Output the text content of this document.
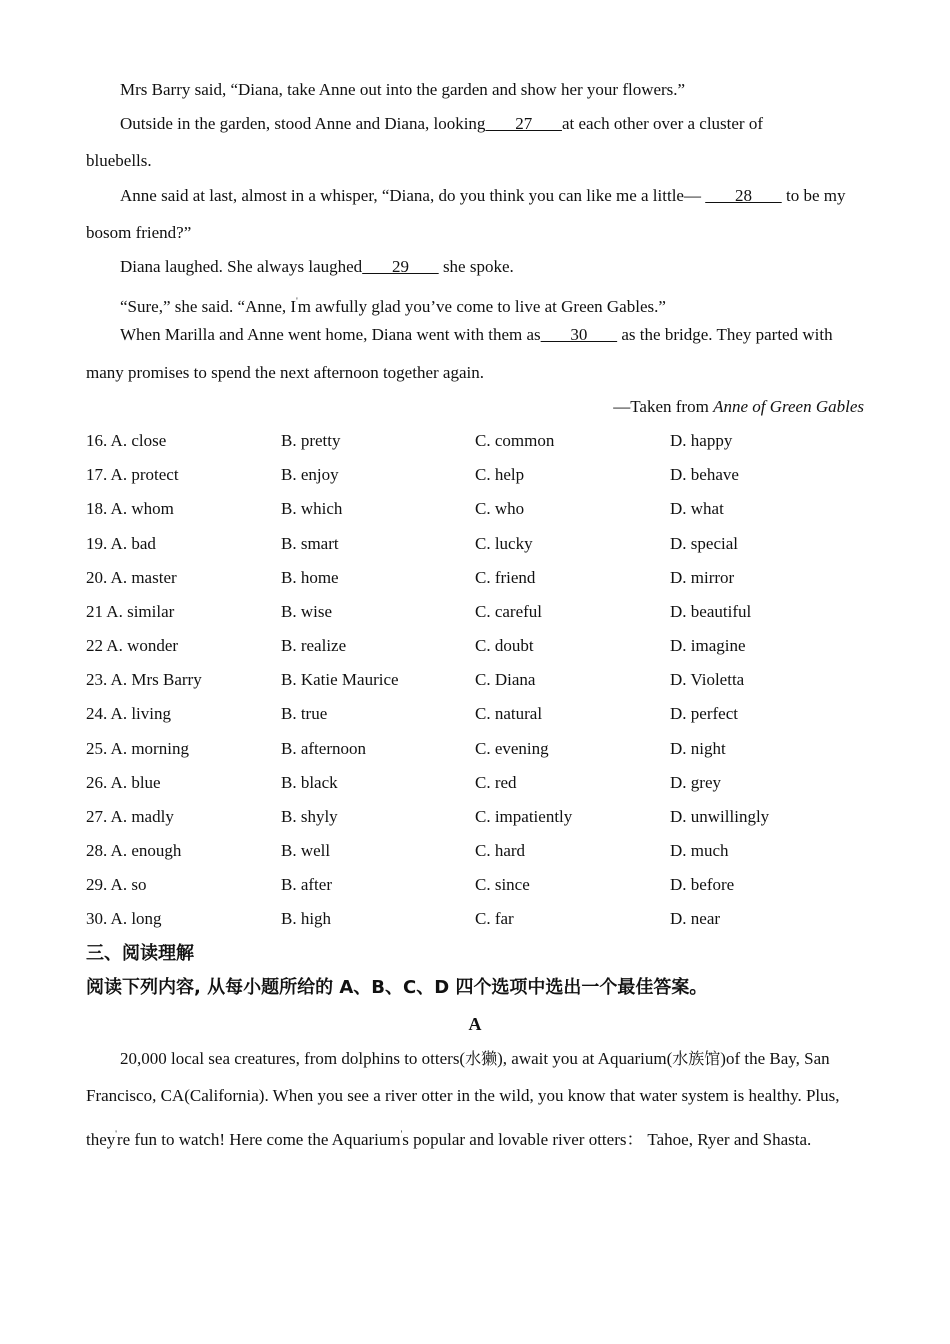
Mrs Barry said, “Diana, take Anne out into the garden and show her your flowers.”
Outside in the garden, stood Anne and Diana, looking       27       at each other over a cluster of
bluebells.
Anne said at last, almost in a whisper, “Diana, do you think you can like me a little—        28        to be my
bosom friend?”
Diana laughed. She always laughed       29        she spoke.
“Sure,” she said. “Anne, I'm awfully glad you’ve come to live at Green Gables.”
When Marilla and Anne went home, Diana went with them as       30        as the bridge. They parted with
many promises to spend the next afternoon together again.
—Taken from Anne of Green Gables
16. A. close	B. pretty	C. common	D. happy
17. A. protect	B. enjoy	C. help	D. behave
18. A. whom	B. which	C. who	D. what
19. A. bad	B. smart	C. lucky	D. special
20. A. master	B. home	C. friend	D. mirror
21 A. similar	B. wise	C. careful	D. beautiful
22 A. wonder	B. realize	C. doubt	D. imagine
23. A. Mrs Barry	B. Katie Maurice	C. Diana	D. Violetta
24. A. living	B. true	C. natural	D. perfect
25. A. morning	B. afternoon	C. evening	D. night
26. A. blue	B. black	C. red	D. grey
27. A. madly	B. shyly	C. impatiently	D. unwillingly
28. A. enough	B. well	C. hard	D. much
29. A. so	B. after	C. since	D. before
30. A. long	B. high	C. far	D. near
三、阅读理解
阅读下列内容, 从每小题所给的 A、B、C、D 四个选项中选出一个最佳答案。
A
20,000 local sea creatures, from dolphins to otters(水獭), await you at Aquarium(水族馆)of the Bay, San
Francisco, CA(California). When you see a river otter in the wild, you know that water system is healthy. Plus,
they're fun to watch! Here come the Aquarium's popular and lovable river otters： Tahoe, Ryer and Shasta.
